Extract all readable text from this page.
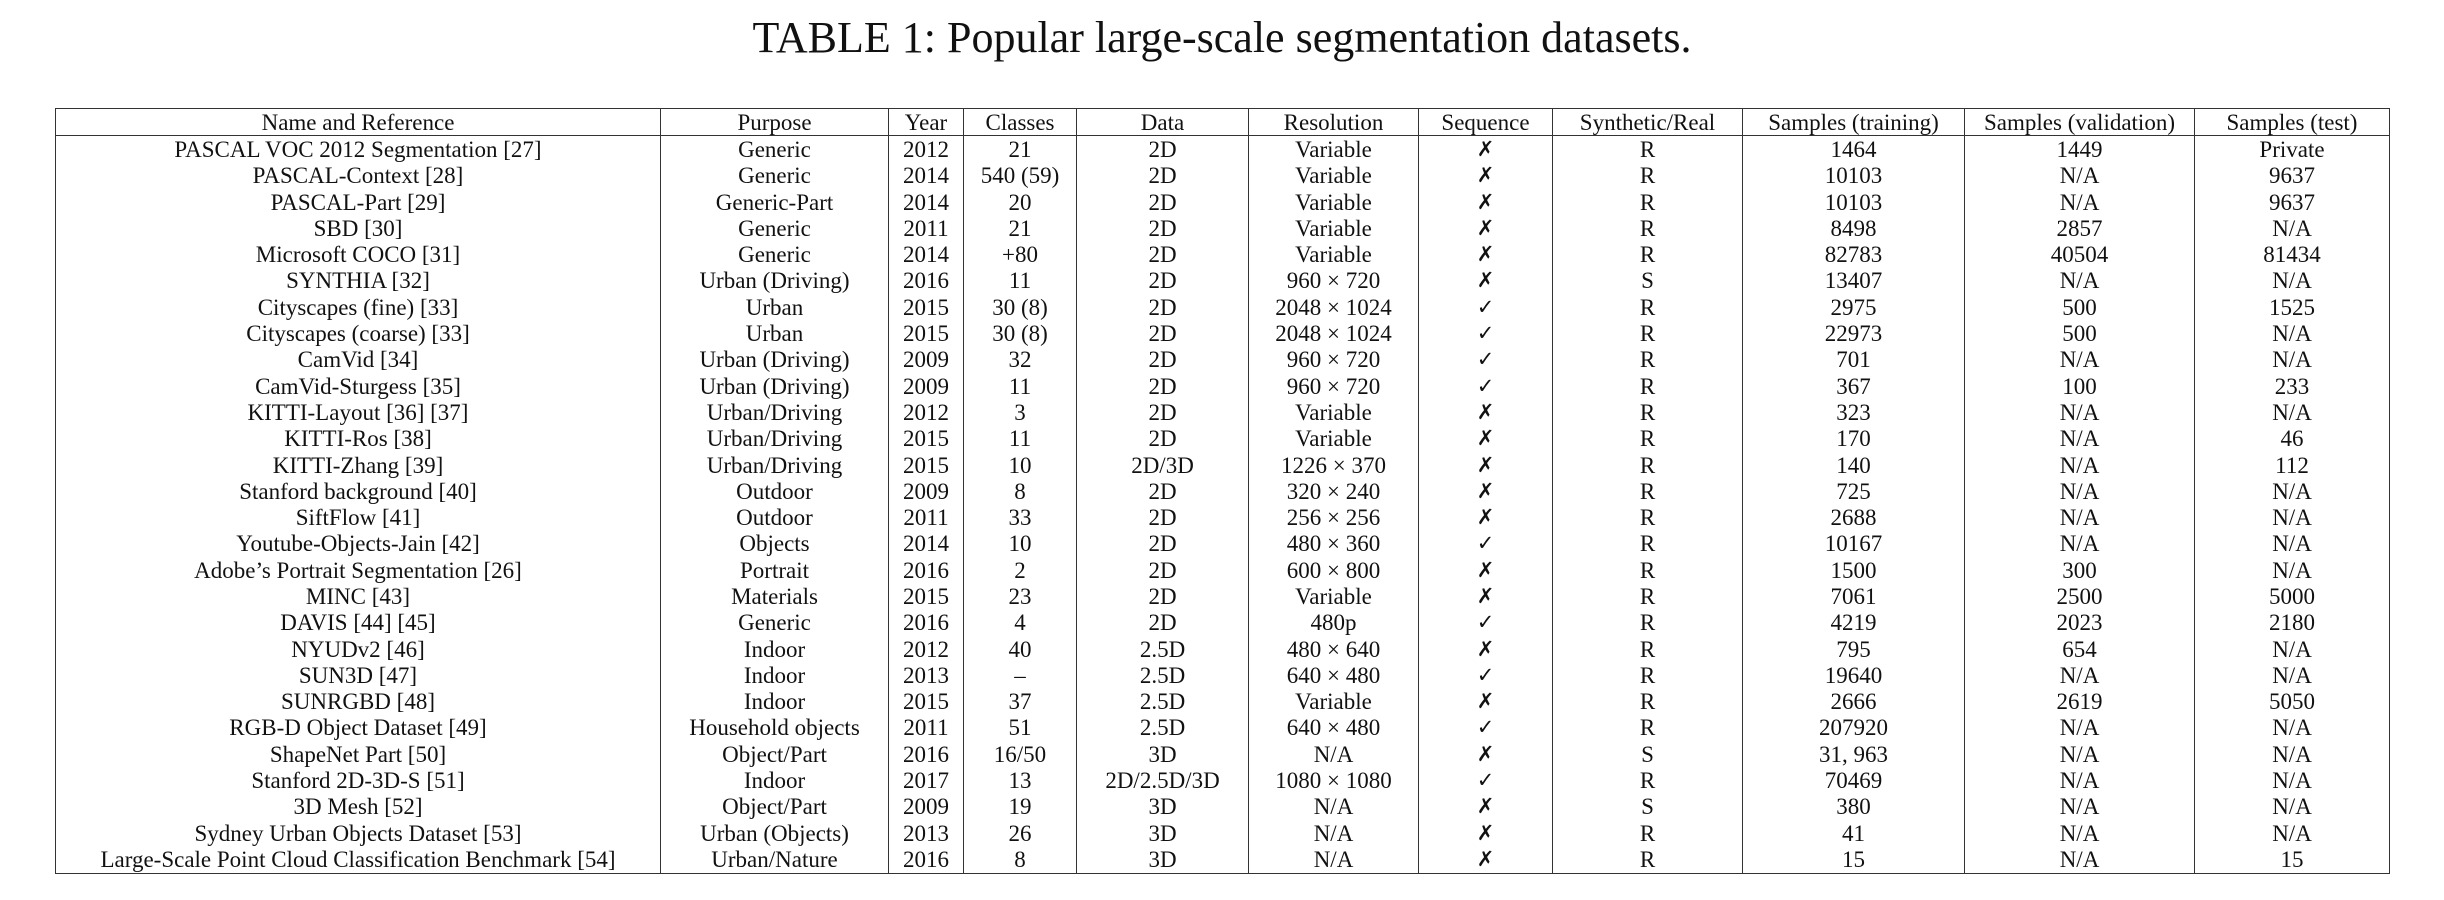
TABLE 1: Popular large-scale segmentation datasets.
Name and Reference	Purpose	Year	Classes	Data	Resolution	Sequence	Synthetic/Real	Samples (training)	Samples (validation)	Samples (test)
PASCAL VOC 2012 Segmentation [27]	Generic	2012	21	2D	Variable	✗	R	1464	1449	Private
PASCAL-Context [28]	Generic	2014	540 (59)	2D	Variable	✗	R	10103	N/A	9637
PASCAL-Part [29]	Generic-Part	2014	20	2D	Variable	✗	R	10103	N/A	9637
SBD [30]	Generic	2011	21	2D	Variable	✗	R	8498	2857	N/A
Microsoft COCO [31]	Generic	2014	+80	2D	Variable	✗	R	82783	40504	81434
SYNTHIA [32]	Urban (Driving)	2016	11	2D	960 × 720	✗	S	13407	N/A	N/A
Cityscapes (fine) [33]	Urban	2015	30 (8)	2D	2048 × 1024	✓	R	2975	500	1525
Cityscapes (coarse) [33]	Urban	2015	30 (8)	2D	2048 × 1024	✓	R	22973	500	N/A
CamVid [34]	Urban (Driving)	2009	32	2D	960 × 720	✓	R	701	N/A	N/A
CamVid-Sturgess [35]	Urban (Driving)	2009	11	2D	960 × 720	✓	R	367	100	233
KITTI-Layout [36] [37]	Urban/Driving	2012	3	2D	Variable	✗	R	323	N/A	N/A
KITTI-Ros [38]	Urban/Driving	2015	11	2D	Variable	✗	R	170	N/A	46
KITTI-Zhang [39]	Urban/Driving	2015	10	2D/3D	1226 × 370	✗	R	140	N/A	112
Stanford background [40]	Outdoor	2009	8	2D	320 × 240	✗	R	725	N/A	N/A
SiftFlow [41]	Outdoor	2011	33	2D	256 × 256	✗	R	2688	N/A	N/A
Youtube-Objects-Jain [42]	Objects	2014	10	2D	480 × 360	✓	R	10167	N/A	N/A
Adobe’s Portrait Segmentation [26]	Portrait	2016	2	2D	600 × 800	✗	R	1500	300	N/A
MINC [43]	Materials	2015	23	2D	Variable	✗	R	7061	2500	5000
DAVIS [44] [45]	Generic	2016	4	2D	480p	✓	R	4219	2023	2180
NYUDv2 [46]	Indoor	2012	40	2.5D	480 × 640	✗	R	795	654	N/A
SUN3D [47]	Indoor	2013	–	2.5D	640 × 480	✓	R	19640	N/A	N/A
SUNRGBD [48]	Indoor	2015	37	2.5D	Variable	✗	R	2666	2619	5050
RGB-D Object Dataset [49]	Household objects	2011	51	2.5D	640 × 480	✓	R	207920	N/A	N/A
ShapeNet Part [50]	Object/Part	2016	16/50	3D	N/A	✗	S	31, 963	N/A	N/A
Stanford 2D-3D-S [51]	Indoor	2017	13	2D/2.5D/3D	1080 × 1080	✓	R	70469	N/A	N/A
3D Mesh [52]	Object/Part	2009	19	3D	N/A	✗	S	380	N/A	N/A
Sydney Urban Objects Dataset [53]	Urban (Objects)	2013	26	3D	N/A	✗	R	41	N/A	N/A
Large-Scale Point Cloud Classification Benchmark [54]	Urban/Nature	2016	8	3D	N/A	✗	R	15	N/A	15
